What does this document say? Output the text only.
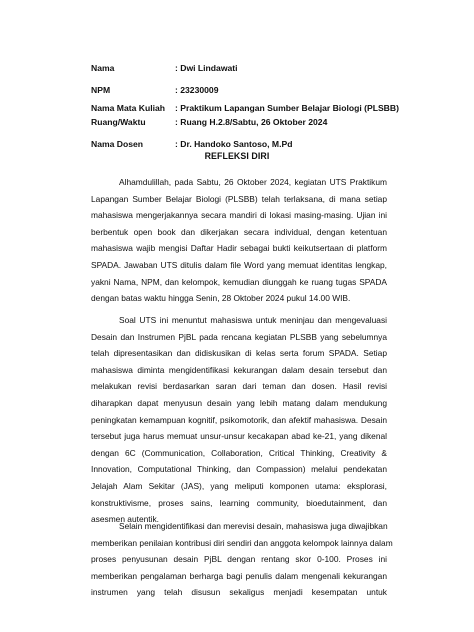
Nama	: Dwi Lindawati
NPM	: 23230009
Nama Mata Kuliah : Praktikum Lapangan Sumber Belajar Biologi (PLSBB)
Ruang/Waktu	: Ruang H.2.8/Sabtu, 26 Oktober 2024
Nama Dosen	: Dr. Handoko Santoso, M.Pd
REFLEKSI DIRI
Alhamdulillah, pada Sabtu, 26 Oktober 2024, kegiatan UTS Praktikum
Lapangan Sumber Belajar Biologi (PLSBB) telah terlaksana, di mana setiap
mahasiswa mengerjakannya secara mandiri di lokasi masing-masing. Ujian ini
berbentuk open book dan dikerjakan secara individual, dengan ketentuan
mahasiswa wajib mengisi Daftar Hadir sebagai bukti keikutsertaan di platform
SPADA. Jawaban UTS ditulis dalam file Word yang memuat identitas lengkap,
yakni Nama, NPM, dan kelompok, kemudian diunggah ke ruang tugas SPADA
dengan batas waktu hingga Senin, 28 Oktober 2024 pukul 14.00 WIB.
Soal UTS ini menuntut mahasiswa untuk meninjau dan mengevaluasi
Desain dan Instrumen PjBL pada rencana kegiatan PLSBB yang sebelumnya
telah dipresentasikan dan didiskusikan di kelas serta forum SPADA. Setiap
mahasiswa diminta mengidentifikasi kekurangan dalam desain tersebut dan
melakukan revisi berdasarkan saran dari teman dan dosen. Hasil revisi
diharapkan dapat menyusun desain yang lebih matang dalam mendukung
peningkatan kemampuan kognitif, psikomotorik, dan afektif mahasiswa. Desain
tersebut juga harus memuat unsur-unsur kecakapan abad ke-21, yang dikenal
dengan 6C (Communication, Collaboration, Critical Thinking, Creativity &
Innovation, Computational Thinking, dan Compassion) melalui pendekatan
Jelajah Alam Sekitar (JAS), yang meliputi komponen utama: eksplorasi,
konstruktivisme, proses sains, learning community, bioedutainment, dan
asesmen autentik.
Selain mengidentifikasi dan merevisi desain, mahasiswa juga diwajibkan
memberikan penilaian kontribusi diri sendiri dan anggota kelompok lainnya dalam
proses penyusunan desain PjBL dengan rentang skor 0-100. Proses ini
memberikan pengalaman berharga bagi penulis dalam mengenali kekurangan
instrumen yang telah disusun sekaligus menjadi kesempatan untuk
